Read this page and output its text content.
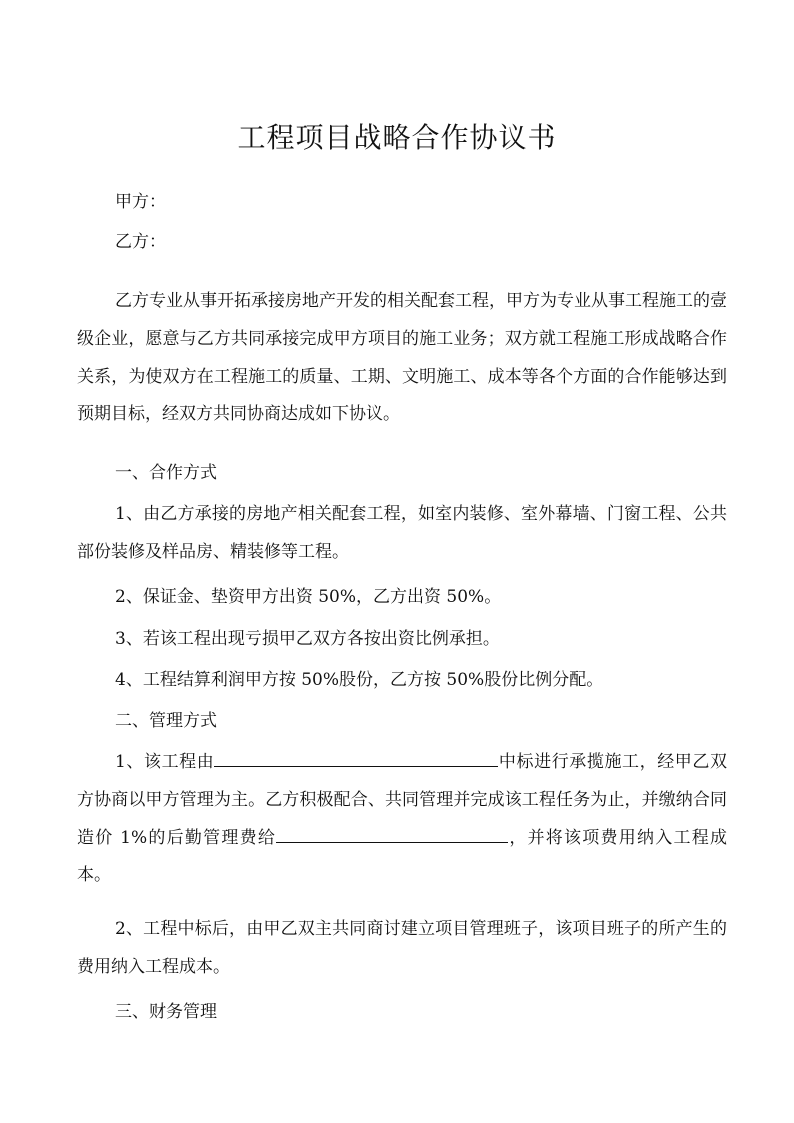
工程项目战略合作协议书
甲方：
乙方：

乙方专业从事开拓承接房地产开发的相关配套工程，甲方为专业从事工程施工的壹级企业，愿意与乙方共同承接完成甲方项目的施工业务；双方就工程施工形成战略合作关系，为使双方在工程施工的质量、工期、文明施工、成本等各个方面的合作能够达到预期目标，经双方共同协商达成如下协议。

一、合作方式

1、由乙方承接的房地产相关配套工程，如室内装修、室外幕墙、门窗工程、公共部份装修及样品房、精装修等工程。

2、保证金、垫资甲方出资 50%，乙方出资 50%。

3、若该工程出现亏损甲乙双方各按出资比例承担。

4、工程结算利润甲方按 50%股份，乙方按 50%股份比例分配。

二、管理方式

1、该工程由	中标进行承揽施工，经甲乙双方协商以甲方管理为主。乙方积极配合、共同管理并完成该工程任务为止，并缴纳合同造价 1%的后勤管理费给	，并将该项费用纳入工程成本。

2、工程中标后，由甲乙双主共同商讨建立项目管理班子，该项目班子的所产生的费用纳入工程成本。

三、财务管理
